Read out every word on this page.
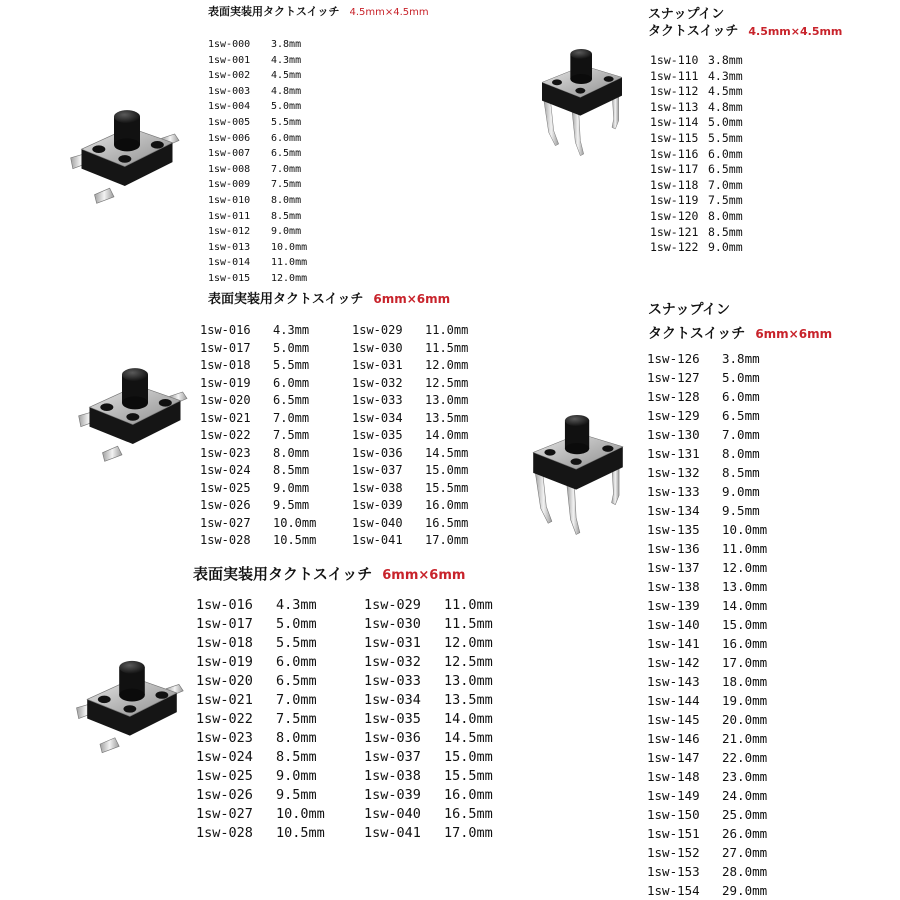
表面実装用タクトスイッチ 4.5mm×4.5mm
1sw-000	3.8mm
1sw-001	4.3mm
1sw-002	4.5mm
1sw-003	4.8mm
1sw-004	5.0mm
1sw-005	5.5mm
1sw-006	6.0mm
1sw-007	6.5mm
1sw-008	7.0mm
1sw-009	7.5mm
1sw-010	8.0mm
1sw-011	8.5mm
1sw-012	9.0mm
1sw-013	10.0mm
1sw-014	11.0mm
1sw-015	12.0mm
スナップイン
タクトスイッチ 4.5mm×4.5mm
1sw-110 3.8mm
1sw-111 4.3mm
1sw-112 4.5mm
1sw-113 4.8mm
1sw-114 5.0mm
1sw-115 5.5mm
1sw-116 6.0mm
1sw-117 6.5mm
1sw-118 7.0mm
1sw-119 7.5mm
1sw-120 8.0mm
1sw-121 8.5mm
1sw-122 9.0mm
表面実装用タクトスイッチ 6mm×6mm
1sw-016	4.3mm
1sw-017	5.0mm
1sw-018	5.5mm
1sw-019	6.0mm
1sw-020	6.5mm
1sw-021	7.0mm
1sw-022	7.5mm
1sw-023	8.0mm
1sw-024	8.5mm
1sw-025	9.0mm
1sw-026	9.5mm
1sw-027	10.0mm
1sw-028	10.5mm
1sw-029	11.0mm
1sw-030	11.5mm
1sw-031	12.0mm
1sw-032	12.5mm
1sw-033	13.0mm
1sw-034	13.5mm
1sw-035	14.0mm
1sw-036	14.5mm
1sw-037	15.0mm
1sw-038	15.5mm
1sw-039	16.0mm
1sw-040	16.5mm
1sw-041	17.0mm
スナップイン
タクトスイッチ 6mm×6mm
1sw-126	3.8mm
1sw-127	5.0mm
1sw-128	6.0mm
1sw-129	6.5mm
1sw-130	7.0mm
1sw-131	8.0mm
1sw-132	8.5mm
1sw-133	9.0mm
1sw-134	9.5mm
1sw-135	10.0mm
1sw-136	11.0mm
1sw-137	12.0mm
1sw-138	13.0mm
1sw-139	14.0mm
1sw-140	15.0mm
1sw-141	16.0mm
1sw-142	17.0mm
1sw-143	18.0mm
1sw-144	19.0mm
1sw-145	20.0mm
1sw-146	21.0mm
1sw-147	22.0mm
1sw-148	23.0mm
1sw-149	24.0mm
1sw-150	25.0mm
1sw-151	26.0mm
1sw-152	27.0mm
1sw-153	28.0mm
1sw-154	29.0mm
表面実装用タクトスイッチ 6mm×6mm
1sw-016	4.3mm
1sw-017	5.0mm
1sw-018	5.5mm
1sw-019	6.0mm
1sw-020	6.5mm
1sw-021	7.0mm
1sw-022	7.5mm
1sw-023	8.0mm
1sw-024	8.5mm
1sw-025	9.0mm
1sw-026	9.5mm
1sw-027	10.0mm
1sw-028	10.5mm
1sw-029	11.0mm
1sw-030	11.5mm
1sw-031	12.0mm
1sw-032	12.5mm
1sw-033	13.0mm
1sw-034	13.5mm
1sw-035	14.0mm
1sw-036	14.5mm
1sw-037	15.0mm
1sw-038	15.5mm
1sw-039	16.0mm
1sw-040	16.5mm
1sw-041	17.0mm
